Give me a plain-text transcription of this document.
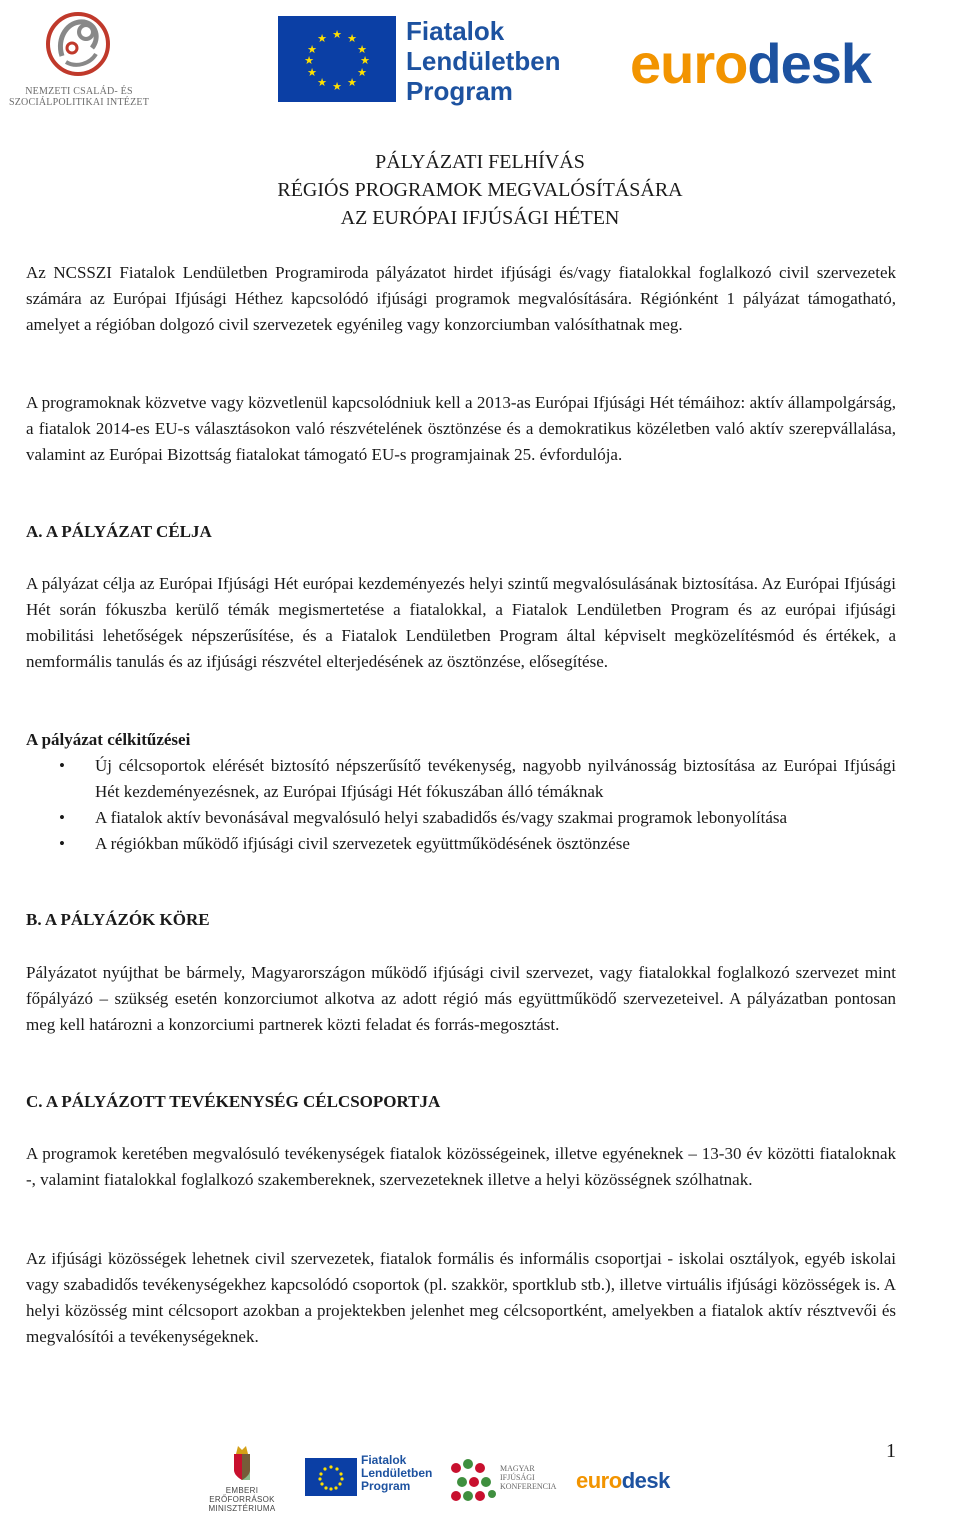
NEMZETI CSALÁD- ÉS
SZOCIÁLPOLITIKAI INTÉZET
★ ★
★
★
★
★
★
★
★
★
★
★	Fiatalok
Lendületben
Program	eurodesk
PÁLYÁZATI FELHÍVÁS
RÉGIÓS PROGRAMOK MEGVALÓSÍTÁSÁRA
AZ EURÓPAI IFJÚSÁGI HÉTEN

Az NCSSZI Fiatalok Lendületben Programiroda pályázatot hirdet ifjúsági és/vagy fiatalokkal foglalkozó civil szervezetek számára az Európai Ifjúsági Héthez kapcsolódó ifjúsági programok megvalósítására. Régiónként 1 pályázat támogatható, amelyet a régióban dolgozó civil szervezetek egyénileg vagy konzorciumban valósíthatnak meg.

A programoknak közvetve vagy közvetlenül kapcsolódniuk kell a 2013-as Európai Ifjúsági Hét témáihoz: aktív állampolgárság, a fiatalok 2014-es EU-s választásokon való részvételének ösztönzése és a demokratikus közéletben való aktív szerepvállalása, valamint az Európai Bizottság fiatalokat támogató EU-s programjainak 25. évfordulója.

A. A PÁLYÁZAT CÉLJA

A pályázat célja az Európai Ifjúsági Hét európai kezdeményezés helyi szintű megvalósulásának biztosítása. Az Európai Ifjúsági Hét során fókuszba kerülő témák megismertetése a fiatalokkal, a Fiatalok Lendületben Program és az európai ifjúsági mobilitási lehetőségek népszerűsítése, és a Fiatalok Lendületben Program által képviselt megközelítésmód és értékek, a nemformális tanulás és az ifjúsági részvétel elterjedésének az ösztönzése, elősegítése.

A pályázat célkitűzései
• Új célcsoportok elérését biztosító népszerűsítő tevékenység, nagyobb nyilvánosság biztosítása az Európai Ifjúsági Hét kezdeményezésnek, az Európai Ifjúsági Hét fókuszában álló témáknak
• A fiatalok aktív bevonásával megvalósuló helyi szabadidős és/vagy szakmai programok lebonyolítása
• A régiókban működő ifjúsági civil szervezetek együttműködésének ösztönzése
B. A PÁLYÁZÓK KÖRE

Pályázatot nyújthat be bármely, Magyarországon működő ifjúsági civil szervezet, vagy fiatalokkal foglalkozó szervezet mint főpályázó – szükség esetén konzorciumot alkotva az adott régió más együttműködő szervezeteivel. A pályázatban pontosan meg kell határozni a konzorciumi partnerek közti feladat és forrás-megosztást.

C. A PÁLYÁZOTT TEVÉKENYSÉG CÉLCSOPORTJA

A programok keretében megvalósuló tevékenységek fiatalok közösségeinek, illetve egyéneknek – 13-30 év közötti fiataloknak -, valamint fiatalokkal foglalkozó szakembereknek, szervezeteknek illetve a helyi közösségnek szólhatnak.

Az ifjúsági közösségek lehetnek civil szervezetek, fiatalok formális és informális csoportjai - iskolai osztályok, egyéb iskolai vagy szabadidős tevékenységekhez kapcsolódó csoportok (pl. szakkör, sportklub stb.), illetve virtuális ifjúsági közösségek is. A helyi közösség mint célcsoport azokban a projektekben jelenhet meg célcsoportként, amelyekben a fiatalok aktív résztvevői és megvalósítói a tevékenységeknek.

1
EMBERI ERŐFORRÁSOK
MINISZTÉRIUMA
Fiatalok
Lendületben
Program
MAGYAR
IFJÚSÁGI
KONFERENCIA eurodesk
